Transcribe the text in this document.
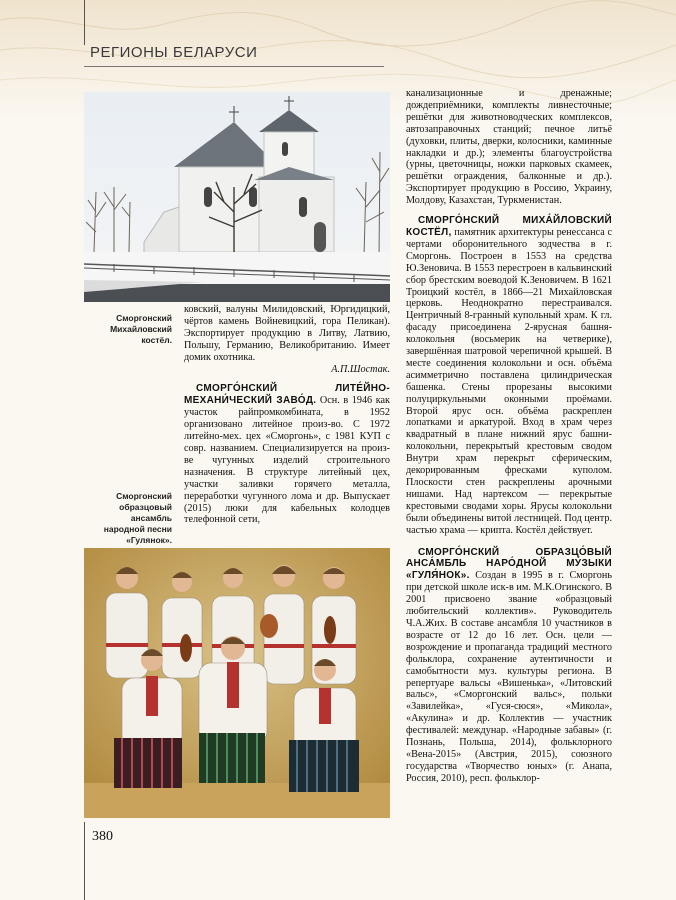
РЕГИОНЫ БЕЛАРУСИ
Сморгонский Михайловский костёл.
Сморгонский образцовый ансамбль народной песни «Гулянок».

ковский, валуны Милидовский, Юргидицкий, чёртов камень Войневицкий, гора Пеликан). Экспортирует продукцию в Литву, Латвию, Польшу, Германию, Великобританию. Имеет домик охотника.

А.П.Шостак.

СМОРГО́НСКИЙ ЛИТЕ́ЙНО-МЕХАНИ́ЧЕСКИЙ ЗАВО́Д. Осн. в 1946 как участок райпромкомбината, в 1952 организовано литейное произ-во. С 1972 литейно-мех. цех «Сморгонь», с 1981 КУП с совр. названием. Специализируется на произ-ве чугунных изделий строительного назначения. В структуре литейный цех, участки заливки горячего металла, переработки чугунного лома и др. Выпускает (2015) люки для кабельных колодцев телефонной сети,

канализационные и дренажные; дождеприёмники, комплекты ливнесточные; решётки для животноводческих комплексов, автозаправочных станций; печное литьё (духовки, плиты, дверки, колосники, каминные накладки и др.); элементы благоустройства (урны, цветочницы, ножки парковых скамеек, решётки ограждения, балконные и др.). Экспортирует продукцию в Россию, Украину, Молдову, Казахстан, Туркменистан.

СМОРГО́НСКИЙ МИХА́ЙЛОВСКИЙ КОСТЁЛ, памятник архитектуры ренессанса с чертами оборонительного зодчества в г. Сморгонь. Построен в 1553 на средства Ю.Зеновича. В 1553 перестроен в кальвинский сбор брестским воеводой К.Зеновичем. В 1621 Троицкий костёл, в 1866—21 Михайловская церковь. Неоднократно перестраивался. Центричный 8-гранный купольный храм. К гл. фасаду присоединена 2-ярусная башня-колокольня (восьмерик на четверике), завершённая шатровой черепичной крышей. В месте соединения колокольни и осн. объёма асимметрично поставлена цилиндрическая башенка. Стены прорезаны высокими полуциркульными оконными проёмами. Второй ярус осн. объёма раскреплен лопатками и аркатурой. Вход в храм через квадратный в плане нижний ярус башни-колокольни, перекрытый крестовым сводом Внутри храм перекрыт сферическим, декорированным фресками куполом. Плоскости стен раскреплены арочными нишами. Над нартексом — перекрытые крестовыми сводами хоры. Ярусы колокольни были объединены витой лестницей. Под центр. частью храма — крипта. Костёл действует.

СМОРГО́НСКИЙ ОБРАЗЦО́ВЫЙ АНСА́МБЛЬ НАРО́ДНОЙ МУ́ЗЫКИ «ГУЛЯ́НОК». Создан в 1995 в г. Сморгонь при детской школе иск-в им. М.К.Огинского. В 2001 присвоено звание «образцовый любительский коллектив». Руководитель Ч.А.Жих. В составе ансамбля 10 участников в возрасте от 12 до 16 лет. Осн. цели — возрождение и пропаганда традиций местного фольклора, сохранение аутентичности и самобытности муз. культуры региона. В репертуаре вальсы «Вишенька», «Литовский вальс», «Сморгонский вальс», польки «Завилейка», «Гуся-сюся», «Миколa», «Акулина» и др. Коллектив — участник фестивалей: междунар. «Народные забавы» (г. Познань, Польша, 2014), фольклорного «Вена-2015» (Австрия, 2015), союзного государства «Творчество юных» (г. Анапа, Россия, 2010), респ. фольклор-

380
